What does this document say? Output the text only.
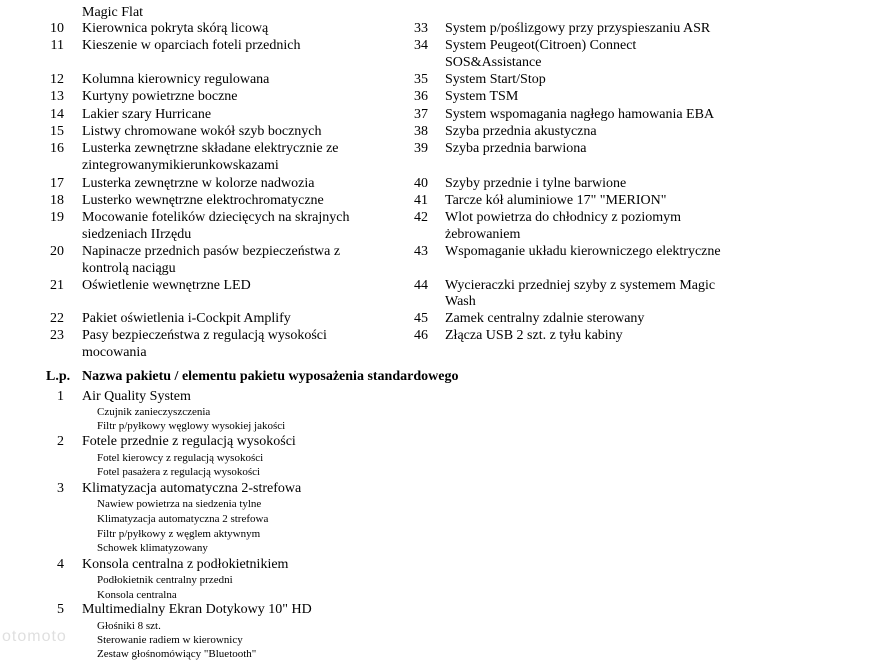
Magic Flat
10 Kierownica pokryta skórą licową
11 Kieszenie w oparciach foteli przednich
12 Kolumna kierownicy regulowana
13 Kurtyny powietrzne boczne
14 Lakier szary Hurricane
15 Listwy chromowane wokół szyb bocznych
16 Lusterka zewnętrzne składane elektrycznie ze
zintegrowanymikierunkowskazami
17 Lusterka zewnętrzne w kolorze nadwozia
18 Lusterko wewnętrzne elektrochromatyczne
19 Mocowanie fotelików dziecięcych na skrajnych
siedzeniach IIrzędu
20 Napinacze przednich pasów bezpieczeństwa z
kontrolą naciągu
21 Oświetlenie wewnętrzne LED
22 Pakiet oświetlenia i-Cockpit Amplify
23 Pasy bezpieczeństwa z regulacją wysokości
mocowania
33 System p/poślizgowy przy przyspieszaniu ASR
34 System Peugeot(Citroen) Connect
SOS&Assistance
35 System Start/Stop
36 System TSM
37 System wspomagania nagłego hamowania EBA
38 Szyba przednia akustyczna
39 Szyba przednia barwiona
40 Szyby przednie i tylne barwione
41 Tarcze kół aluminiowe 17" "MERION"
42 Wlot powietrza do chłodnicy z poziomym
żebrowaniem
43 Wspomaganie układu kierowniczego elektryczne
44 Wycieraczki przedniej szyby z systemem Magic
Wash
45 Zamek centralny zdalnie sterowany
46 Złącza USB 2 szt. z tyłu kabiny
L.p. Nazwa pakietu / elementu pakietu wyposażenia standardowego
1 Air Quality System
Czujnik zanieczyszczenia
Filtr p/pyłkowy węglowy wysokiej jakości
2 Fotele przednie z regulacją wysokości
Fotel kierowcy z regulacją wysokości
Fotel pasażera z regulacją wysokości
3 Klimatyzacja automatyczna 2-strefowa
Nawiew powietrza na siedzenia tylne
Klimatyzacja automatyczna 2 strefowa
Filtr p/pyłkowy z węglem aktywnym
Schowek klimatyzowany
4 Konsola centralna z podłokietnikiem
Podłokietnik centralny przedni
Konsola centralna
5 Multimedialny Ekran Dotykowy 10" HD
Głośniki 8 szt.
Sterowanie radiem w kierownicy
Zestaw głośnomówiący "Bluetooth"
otomoto
